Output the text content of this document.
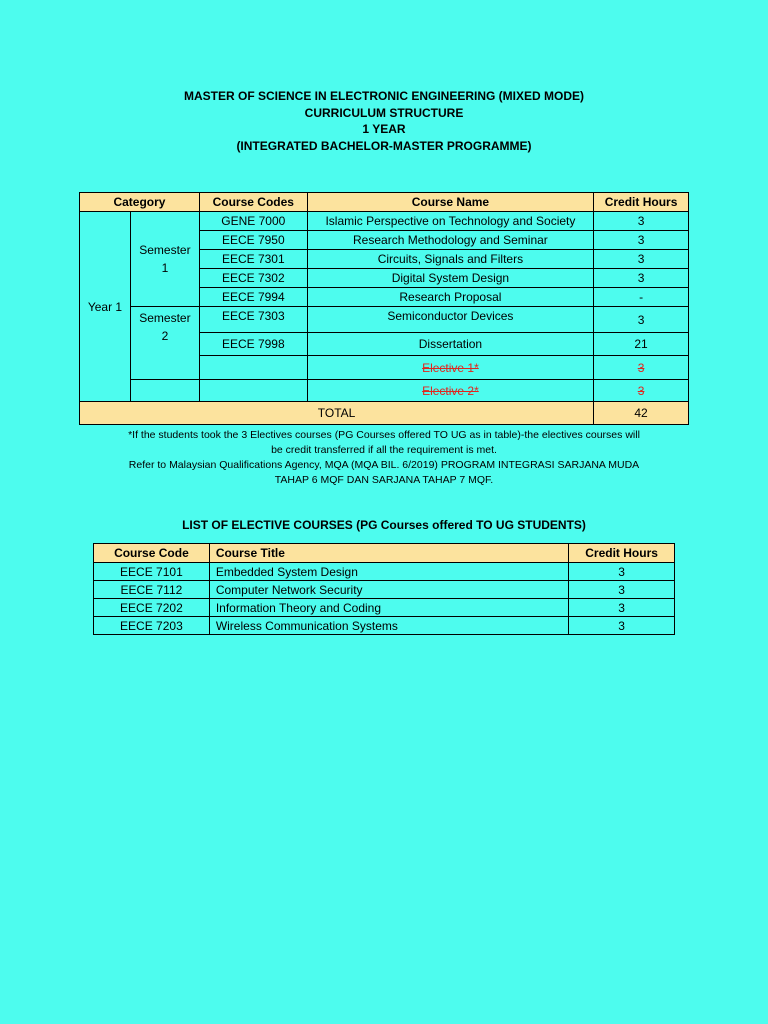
MASTER OF SCIENCE IN ELECTRONIC ENGINEERING (MIXED MODE)
CURRICULUM STRUCTURE
1 YEAR
(INTEGRATED BACHELOR-MASTER PROGRAMME)
Category		Course Codes	Course Name	Credit Hours
Year 1	Semester 1	GENE 7000	Islamic Perspective on Technology and Society	3
		EECE 7950	Research Methodology and Seminar	3
		EECE 7301	Circuits, Signals and Filters	3
		EECE 7302	Digital System Design	3
		EECE 7994	Research Proposal	-
	Semester 2	EECE 7303	Semiconductor Devices	3
		EECE 7998	Dissertation	21
			Elective 1*	3
			Elective 2*	3
TOTAL				42
*If the students took the 3 Electives courses (PG Courses offered TO UG as in table)-the electives courses will
be credit transferred if all the requirement is met.
Refer to Malaysian Qualifications Agency, MQA (MQA BIL. 6/2019) PROGRAM INTEGRASI SARJANA MUDA
TAHAP 6 MQF DAN SARJANA TAHAP 7 MQF.
LIST OF ELECTIVE COURSES (PG Courses offered TO UG STUDENTS)
Course Code	Course Title	Credit Hours
EECE 7101	Embedded System Design	3
EECE 7112	Computer Network Security	3
EECE 7202	Information Theory and Coding	3
EECE 7203	Wireless Communication Systems	3
